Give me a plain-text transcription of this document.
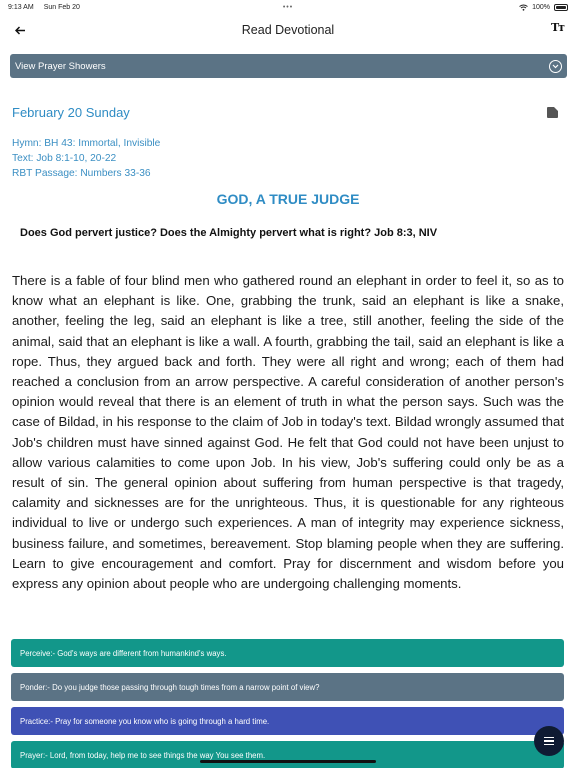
9:13 AM Sun Feb 20	•••	100%
Read Devotional	Tт
View Prayer Showers
February 20 Sunday
Hymn: BH 43: Immortal, Invisible
Text: Job 8:1-10, 20-22
RBT Passage: Numbers 33-36
GOD, A TRUE JUDGE
Does God pervert justice? Does the Almighty pervert what is right? Job 8:3, NIV
There is a fable of four blind men who gathered round an elephant in order to feel it, so as to know what an elephant is like. One, grabbing the trunk, said an elephant is like a snake, another, feeling the leg, said an elephant is like a tree, still another, feeling the side of the animal, said that an elephant is like a wall. A fourth, grabbing the tail, said an elephant is like a rope. Thus, they argued back and forth. They were all right and wrong; each of them had reached a conclusion from an arrow perspective. A careful consideration of another person's opinion would reveal that there is an element of truth in what the person says. Such was the case of Bildad, in his response to the claim of Job in today's text. Bildad wrongly assumed that Job's children must have sinned against God. He felt that God could not have been unjust to allow various calamities to come upon Job. In his view, Job's suffering could only be as a result of sin. The general opinion about suffering from human perspective is that tragedy, calamity and sicknesses are for the unrighteous. Thus, it is questionable for any righteous individual to live or undergo such experiences. A man of integrity may experience sickness, business failure, and sometimes, bereavement. Stop blaming people when they are suffering. Learn to give encouragement and comfort. Pray for discernment and wisdom before you express any opinion about people who are undergoing challenging moments.
Perceive:- God's ways are different from humankind's ways.
Ponder:- Do you judge those passing through tough times from a narrow point of view?
Practice:- Pray for someone you know who is going through a hard time.
Prayer:- Lord, from today, help me to see things the way You see them.
